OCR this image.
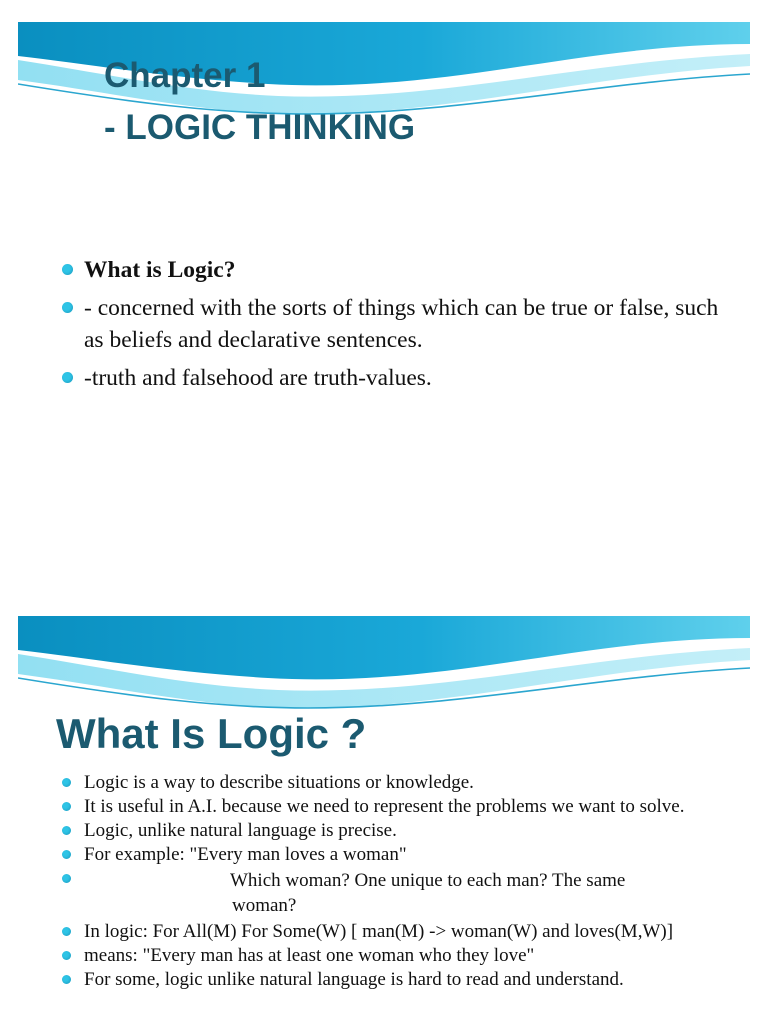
Chapter 1
- LOGIC THINKING
What is Logic?
- concerned with the sorts of things which can be true or false, such as beliefs and declarative sentences.
-truth and falsehood are truth-values.
What Is Logic ?
Logic is a way to describe situations or knowledge.
It is useful in A.I. because we need to represent the problems we want to solve.
Logic, unlike natural language is precise.
For example: "Every man loves a woman"
Which woman? One unique to each man? The same
woman?
In logic: For All(M) For Some(W) [ man(M) -> woman(W) and loves(M,W)]
means: "Every man has at least one woman who they love"
For some, logic unlike natural language is hard to read and understand.
